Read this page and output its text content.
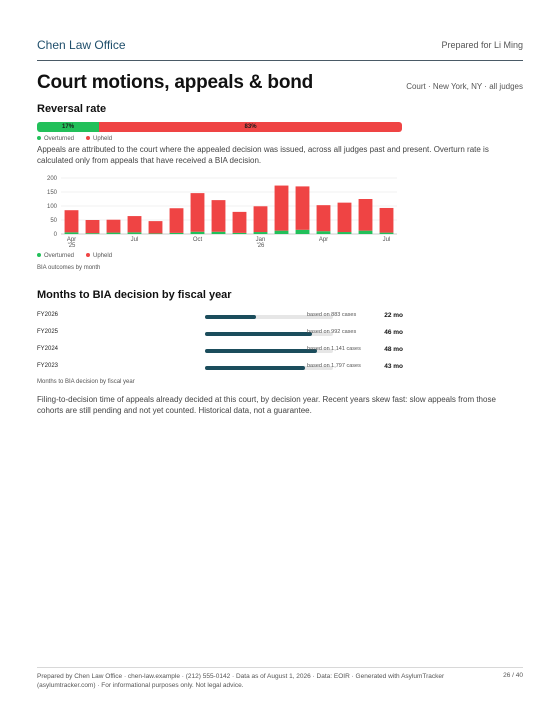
Chen Law Office	Prepared for Li Ming
Court motions, appeals & bond	Court · New York, NY · all judges
Reversal rate
17%	83%
Overturned	Upheld
Appeals are attributed to the court where the appealed decision was issued, across all judges past and present. Overturn rate is calculated only from appeals that have received a BIA decision.
0
50
100
150
200
Apr
'25
Jul	Oct	Jan
'26
Apr	Jul
Overturned	Upheld
BIA outcomes by month
Months to BIA decision by fiscal year
FY2026	based on 883 cases	22 mo
FY2025	based on 992 cases	46 mo
FY2024	based on 1,141 cases	48 mo
FY2023	based on 1,797 cases	43 mo
Months to BIA decision by fiscal year
Filing-to-decision time of appeals already decided at this court, by decision year. Recent years skew fast: slow appeals from those cohorts are still pending and not yet counted. Historical data, not a guarantee.
Prepared by Chen Law Office · chen-law.example · (212) 555-0142 · Data as of August 1, 2026 · Data: EOIR · Generated with AsylumTracker (asylumtracker.com) · For informational purposes only. Not legal advice.
26 / 40
